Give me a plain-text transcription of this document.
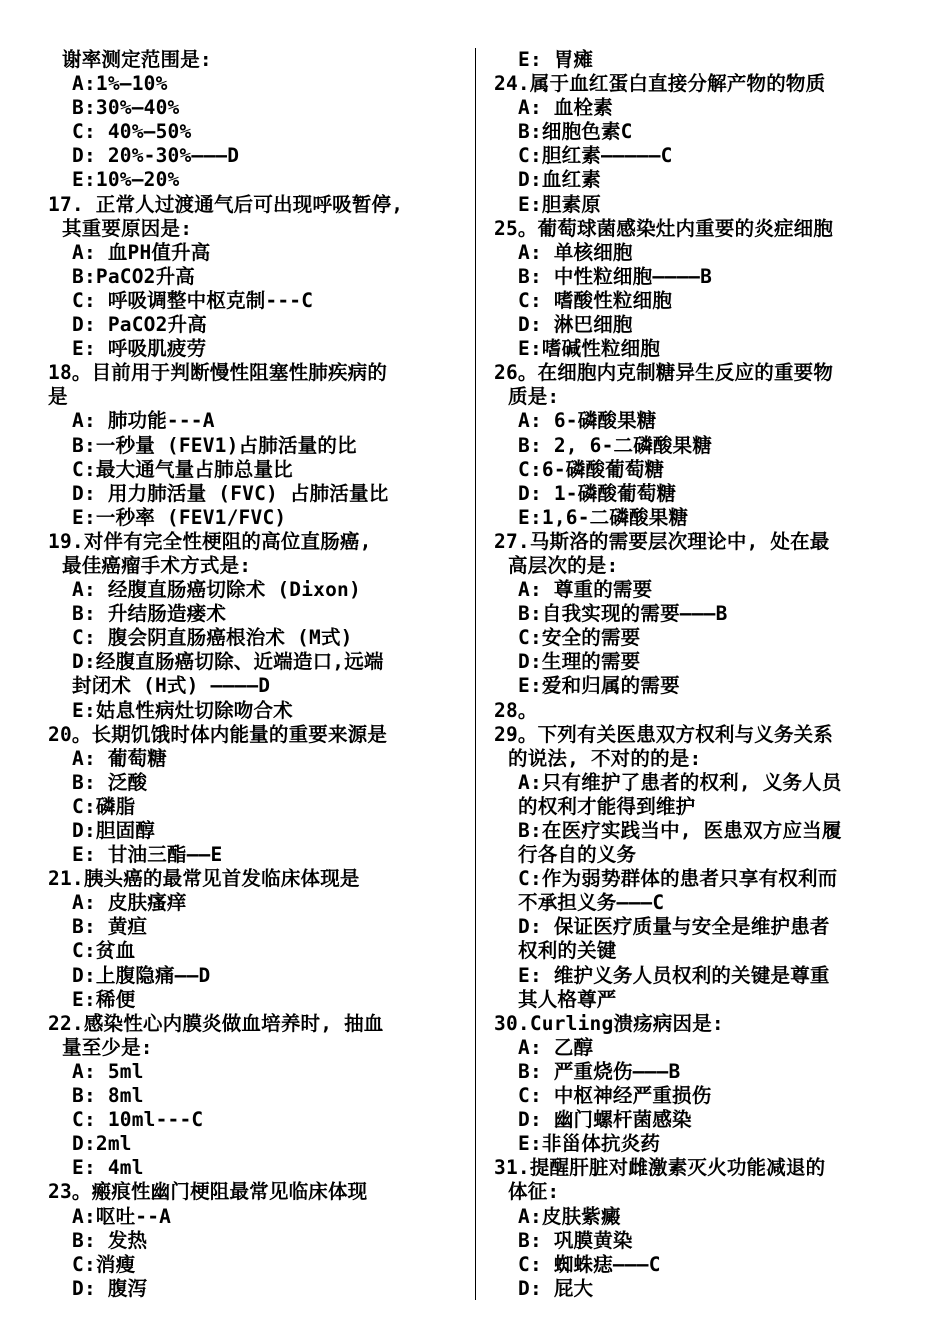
谢率测定范围是:
A:1%—10%
B:30%—40%
C: 40%—50%
D: 20%-30%———D
E:10%—20%
17. 正常人过渡通气后可出现呼吸暂停,
其重要原因是:
A: 血PH值升高
B:PaCO2升高
C: 呼吸调整中枢克制---C
D: PaCO2升高
E: 呼吸肌疲劳
18。目前用于判断慢性阻塞性肺疾病的
是
A: 肺功能---A
B:一秒量 (FEV1)占肺活量的比
C:最大通气量占肺总量比
D: 用力肺活量 (FVC) 占肺活量比
E:一秒率 (FEV1/FVC)
19.对伴有完全性梗阻的高位直肠癌,
最佳癌瘤手术方式是:
A: 经腹直肠癌切除术 (Dixon)
B: 升结肠造瘘术
C: 腹会阴直肠癌根治术 (M式)
D:经腹直肠癌切除、近端造口,远端
封闭术 (H式) ————D
E:姑息性病灶切除吻合术
20。长期饥饿时体内能量的重要来源是
A: 葡萄糖
B: 泛酸
C:磷脂
D:胆固醇
E: 甘油三酯——E
21.胰头癌的最常见首发临床体现是
A: 皮肤瘙痒
B: 黄疸
C:贫血
D:上腹隐痛——D
E:稀便
22.感染性心内膜炎做血培养时, 抽血
量至少是:
A: 5ml
B: 8ml
C: 10ml---C
D:2ml
E: 4ml
23。瘢痕性幽门梗阻最常见临床体现
A:呕吐--A
B: 发热
C:消瘦
D: 腹泻
E: 胃瘫
24.属于血红蛋白直接分解产物的物质
A: 血栓素
B:细胞色素C
C:胆红素—————C
D:血红素
E:胆素原
25。葡萄球菌感染灶内重要的炎症细胞
A: 单核细胞
B: 中性粒细胞————B
C: 嗜酸性粒细胞
D: 淋巴细胞
E:嗜碱性粒细胞
26。在细胞内克制糖异生反应的重要物
质是:
A: 6-磷酸果糖
B: 2, 6-二磷酸果糖
C:6-磷酸葡萄糖
D: 1-磷酸葡萄糖
E:1,6-二磷酸果糖
27.马斯洛的需要层次理论中, 处在最
高层次的是:
A: 尊重的需要
B:自我实现的需要———B
C:安全的需要
D:生理的需要
E:爱和归属的需要
28。
29。下列有关医患双方权利与义务关系
的说法, 不对的的是:
A:只有维护了患者的权利, 义务人员
的权利才能得到维护
B:在医疗实践当中, 医患双方应当履
行各自的义务
C:作为弱势群体的患者只享有权利而
不承担义务———C
D: 保证医疗质量与安全是维护患者
权利的关键
E: 维护义务人员权利的关键是尊重
其人格尊严
30.Curling溃疡病因是:
A: 乙醇
B: 严重烧伤———B
C: 中枢神经严重损伤
D: 幽门螺杆菌感染
E:非甾体抗炎药
31.提醒肝脏对雌激素灭火功能减退的
体征:
A:皮肤紫癜
B: 巩膜黄染
C: 蜘蛛痣———C
D: 屁大
